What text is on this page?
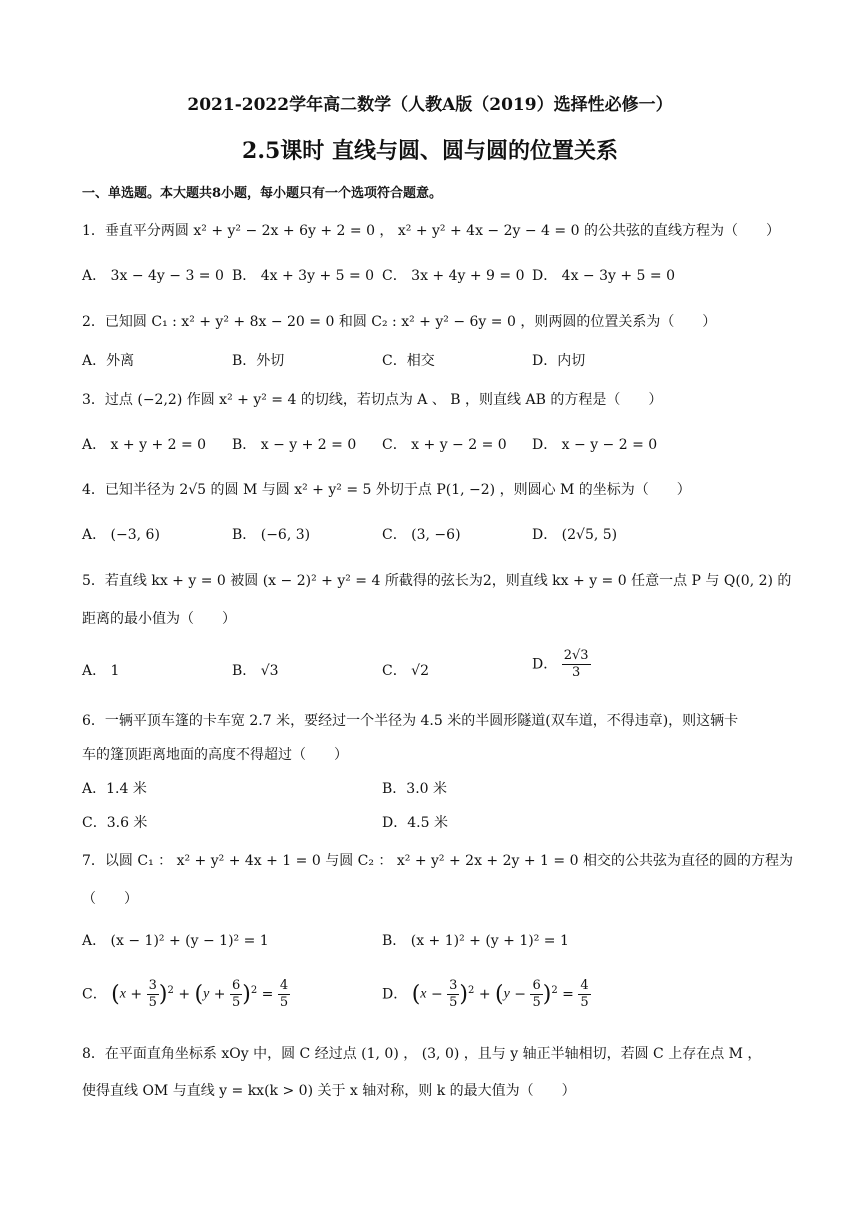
2021-2022学年高二数学（人教A版（2019）选择性必修一）
2.5课时 直线与圆、圆与圆的位置关系
一、单选题。本大题共8小题，每小题只有一个选项符合题意。
1．垂直平分两圆 x² + y² − 2x + 6y + 2 = 0 ， x² + y² + 4x − 2y − 4 = 0 的公共弦的直线方程为（　　）
A． 3x − 4y − 3 = 0 B． 4x + 3y + 5 = 0 C． 3x + 4y + 9 = 0 D． 4x − 3y + 5 = 0
2．已知圆 C₁ : x² + y² + 8x − 20 = 0 和圆 C₂ : x² + y² − 6y = 0 ，则两圆的位置关系为（　　）
A．外离	B．外切	C．相交	D．内切
3．过点 (−2,2) 作圆 x² + y² = 4 的切线，若切点为 A 、 B ，则直线 AB 的方程是（　　）
A． x + y + 2 = 0 B． x − y + 2 = 0 C． x + y − 2 = 0 D． x − y − 2 = 0
4．已知半径为 2√5 的圆 M 与圆 x² + y² = 5 外切于点 P(1, −2) ，则圆心 M 的坐标为（　　）
A． (−3, 6)	B． (−6, 3)	C． (3, −6)	D． (2√5, 5)
5．若直线 kx + y = 0 被圆 (x − 2)² + y² = 4 所截得的弦长为2，则直线 kx + y = 0 任意一点 P 与 Q(0, 2) 的
距离的最小值为（　　）
A． 1	B． √3	C． √2	D． $\frac{2√3}{3}$
6．一辆平顶车篷的卡车宽 2.7 米，要经过一个半径为 4.5 米的半圆形隧道(双车道，不得违章)，则这辆卡
车的篷顶距离地面的高度不得超过（　　）
A．1.4 米	B．3.0 米
C．3.6 米	D．4.5 米
7．以圆 C₁ ： x² + y² + 4x + 1 = 0 与圆 C₂ ： x² + y² + 2x + 2y + 1 = 0 相交的公共弦为直径的圆的方程为
（　　）
A． (x − 1)² + (y − 1)² = 1	B． (x + 1)² + (y + 1)² = 1
C． $(x + \frac{3}{5} )^2 + (y + \frac{6}{5} )^2 = \frac{4}{5}$	D． $(x - \frac{3}{5} )^2 + (y - \frac{6}{5} )^2 = \frac{4}{5}$
8．在平面直角坐标系 xOy 中，圆 C 经过点 (1, 0) ， (3, 0) ，且与 y 轴正半轴相切，若圆 C 上存在点 M ，
使得直线 OM 与直线 y = kx(k > 0) 关于 x 轴对称，则 k 的最大值为（　　）
